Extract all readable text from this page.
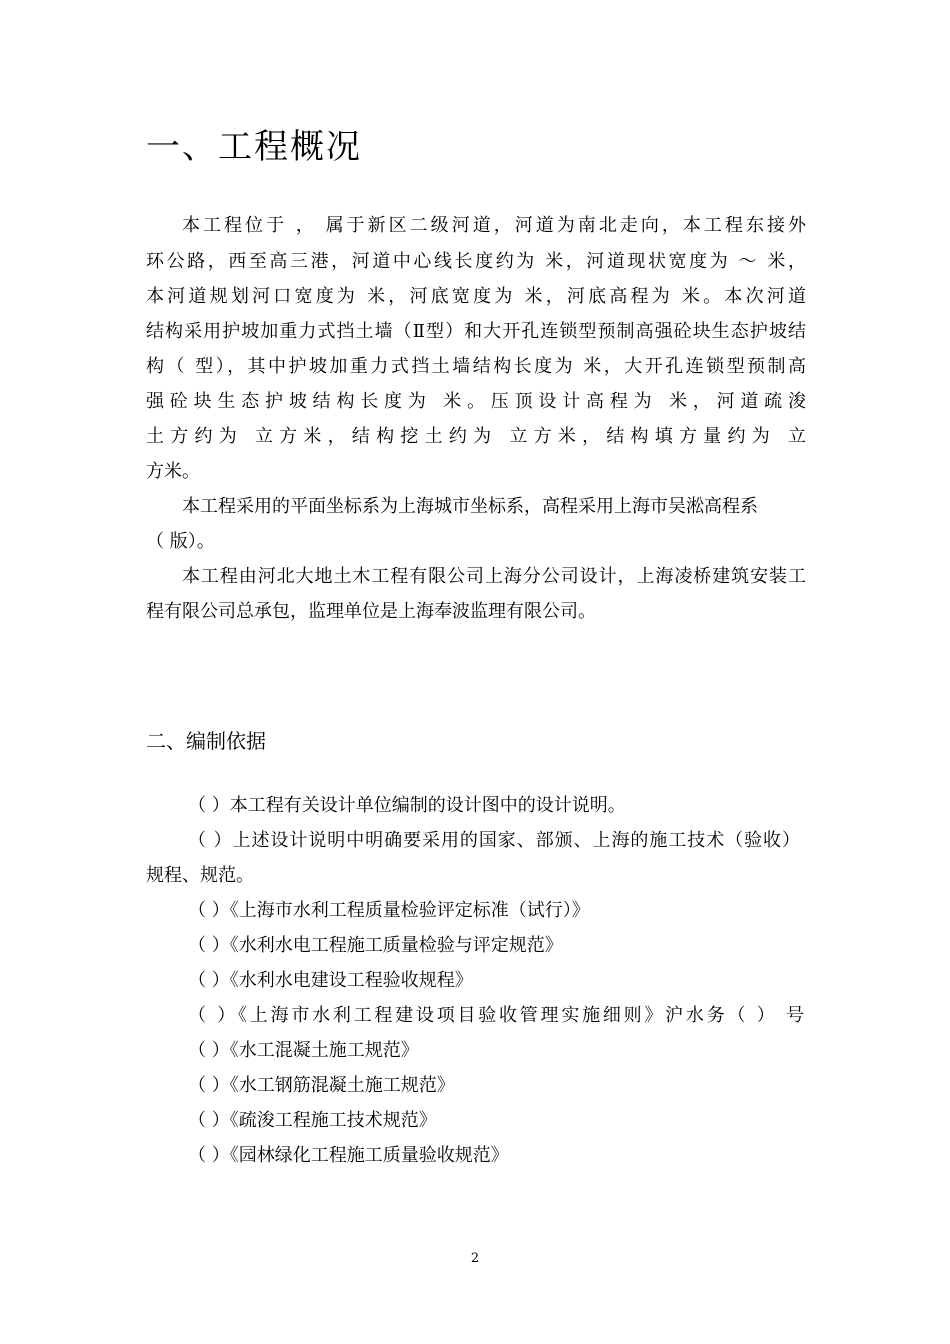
一、工程概况
本工程位于 ， 属于新区二级河道，河道为南北走向，本工程东接外
环公路，西至高三港，河道中心线长度约为 米，河道现状宽度为 ～ 米，
本河道规划河口宽度为 米，河底宽度为 米，河底高程为 米。本次河道
结构采用护坡加重力式挡土墙（Ⅱ型）和大开孔连锁型预制高强砼块生态护坡结
构（ 型），其中护坡加重力式挡土墙结构长度为 米，大开孔连锁型预制高
强砼块生态护坡结构长度为 米。压顶设计高程为 米，河道疏浚
土方约为 立方米，结构挖土约为 立方米，结构填方量约为 立
方米。
本工程采用的平面坐标系为上海城市坐标系，高程采用上海市吴淞高程系
（ 版）。
本工程由河北大地土木工程有限公司上海分公司设计，上海凌桥建筑安装工
程有限公司总承包，监理单位是上海奉波监理有限公司。
二、编制依据
（ ）本工程有关设计单位编制的设计图中的设计说明。
（ ）上述设计说明中明确要采用的国家、部颁、上海的施工技术（验收）
规程、规范。
（ ）《上海市水利工程质量检验评定标准（试行）》
（ ）《水利水电工程施工质量检验与评定规范》
（ ）《水利水电建设工程验收规程》
（ ）《上海市水利工程建设项目验收管理实施细则》沪水务（ ） 号
（ ）《水工混凝土施工规范》
（ ）《水工钢筋混凝土施工规范》
（ ）《疏浚工程施工技术规范》
（ ）《园林绿化工程施工质量验收规范》
2
